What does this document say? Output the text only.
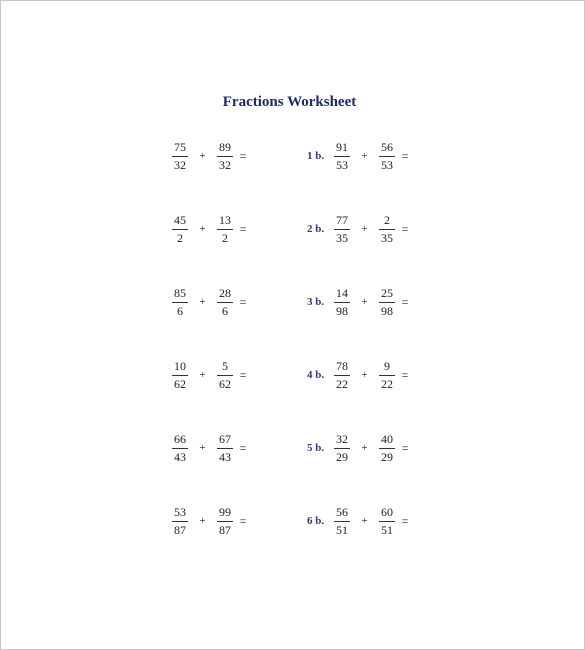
Fractions Worksheet
$\frac{75}{32} + \frac{89}{32}$ =
$\frac{45}{2} + \frac{13}{2}$ =
$\frac{85}{6} + \frac{28}{6}$ =
$\frac{10}{62} + \frac{5}{62}$ =
$\frac{66}{43} + \frac{67}{43}$ =
$\frac{53}{87} + \frac{99}{87}$ =
1 b. $\frac{91}{53} + \frac{56}{53}$ =
2 b. $\frac{77}{35} + \frac{2}{35}$ =
3 b. $\frac{14}{98} + \frac{25}{98}$ =
4 b. $\frac{78}{22} + \frac{9}{22}$ =
5 b. $\frac{32}{29} + \frac{40}{29}$ =
6 b. $\frac{56}{51} + \frac{60}{51}$ =
